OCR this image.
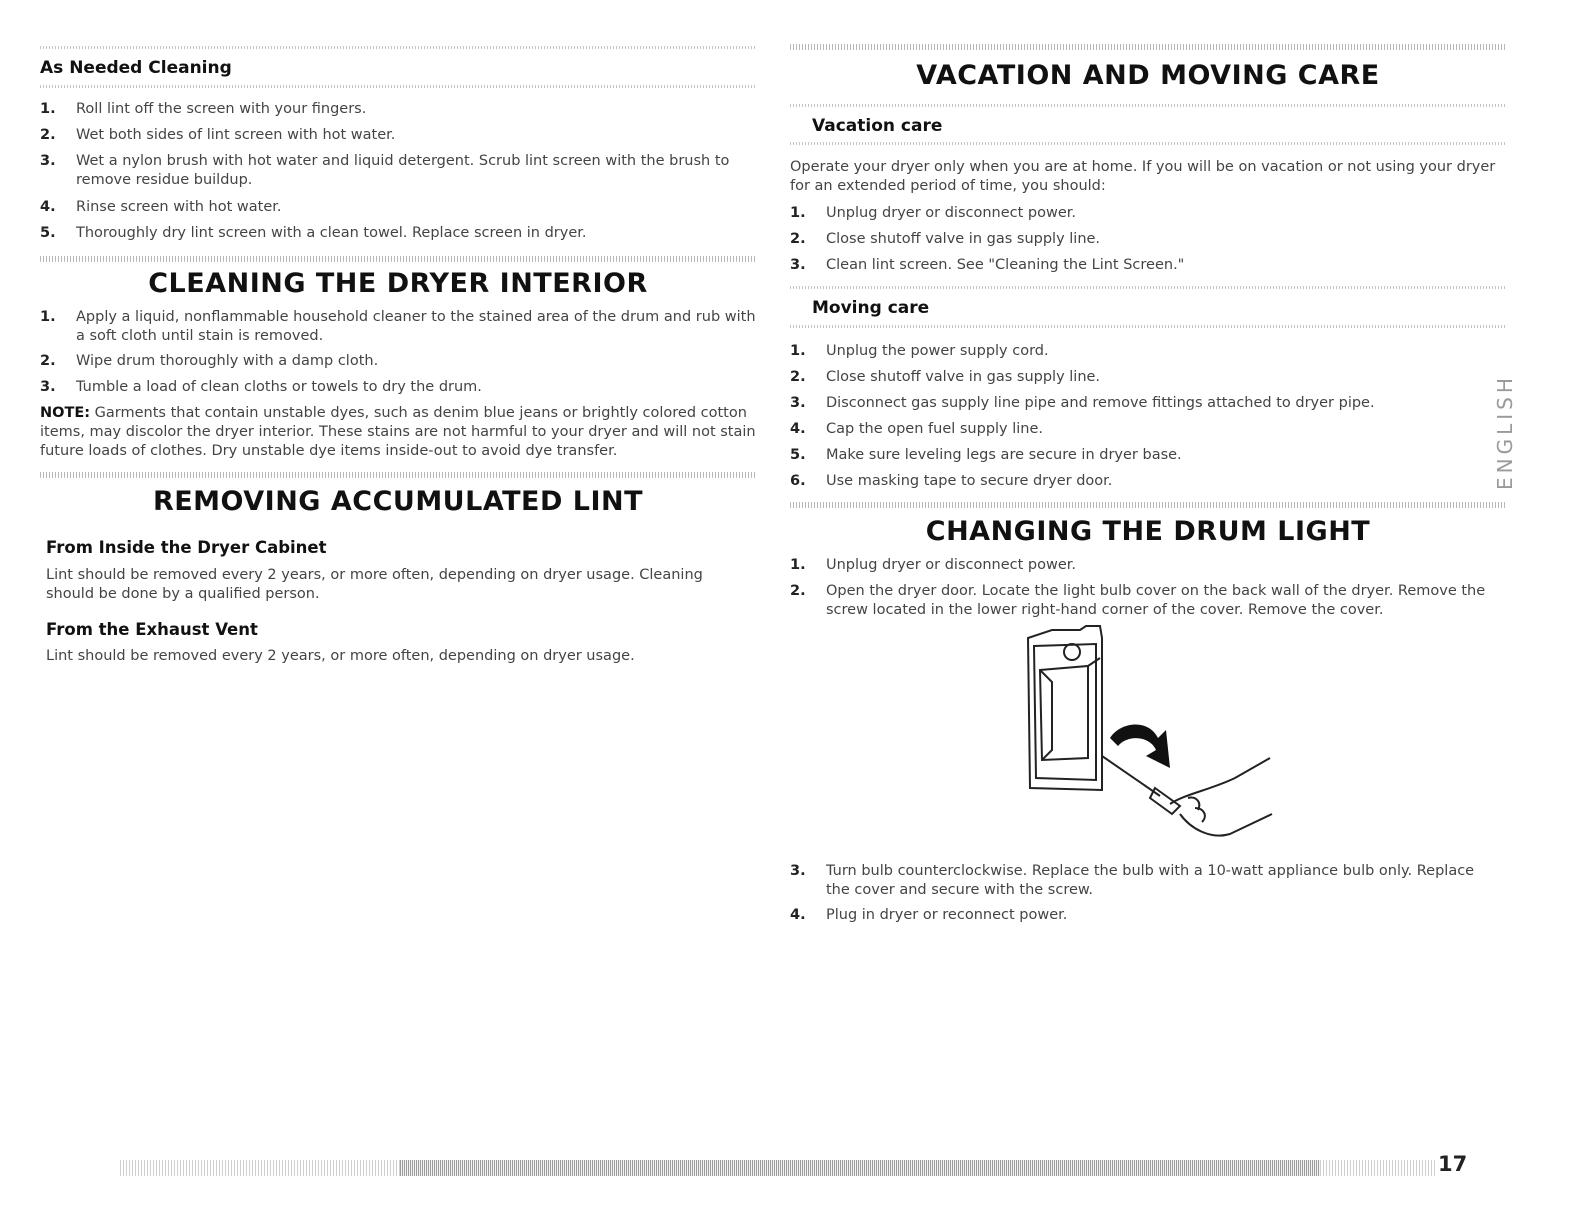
As Needed Cleaning
1. Roll lint off the screen with your fingers.
2. Wet both sides of lint screen with hot water.
3. Wet a nylon brush with hot water and liquid detergent. Scrub lint screen with the brush to remove residue buildup.
4. Rinse screen with hot water.
5. Thoroughly dry lint screen with a clean towel. Replace screen in dryer.
CLEANING THE DRYER INTERIOR
1. Apply a liquid, nonflammable household cleaner to the stained area of the drum and rub with a soft cloth until stain is removed.
2. Wipe drum thoroughly with a damp cloth.
3. Tumble a load of clean cloths or towels to dry the drum.
NOTE: Garments that contain unstable dyes, such as denim blue jeans or brightly colored cotton items, may discolor the dryer interior. These stains are not harmful to your dryer and will not stain future loads of clothes. Dry unstable dye items inside-out to avoid dye transfer.
REMOVING ACCUMULATED LINT
From Inside the Dryer Cabinet
Lint should be removed every 2 years, or more often, depending on dryer usage. Cleaning should be done by a qualified person.
From the Exhaust Vent
Lint should be removed every 2 years, or more often, depending on dryer usage.
VACATION AND MOVING CARE
Vacation care
Operate your dryer only when you are at home. If you will be on vacation or not using your dryer for an extended period of time, you should:
1. Unplug dryer or disconnect power.
2. Close shutoff valve in gas supply line.
3. Clean lint screen. See "Cleaning the Lint Screen."
Moving care
1. Unplug the power supply cord.
2. Close shutoff valve in gas supply line.
3. Disconnect gas supply line pipe and remove fittings attached to dryer pipe.
4. Cap the open fuel supply line.
5. Make sure leveling legs are secure in dryer base.
6. Use masking tape to secure dryer door.
CHANGING THE DRUM LIGHT
1. Unplug dryer or disconnect power.
2. Open the dryer door. Locate the light bulb cover on the back wall of the dryer. Remove the screw located in the lower right-hand corner of the cover. Remove the cover.
3. Turn bulb counterclockwise. Replace the bulb with a 10-watt appliance bulb only. Replace the cover and secure with the screw.
4. Plug in dryer or reconnect power.
ENGLISH
17
